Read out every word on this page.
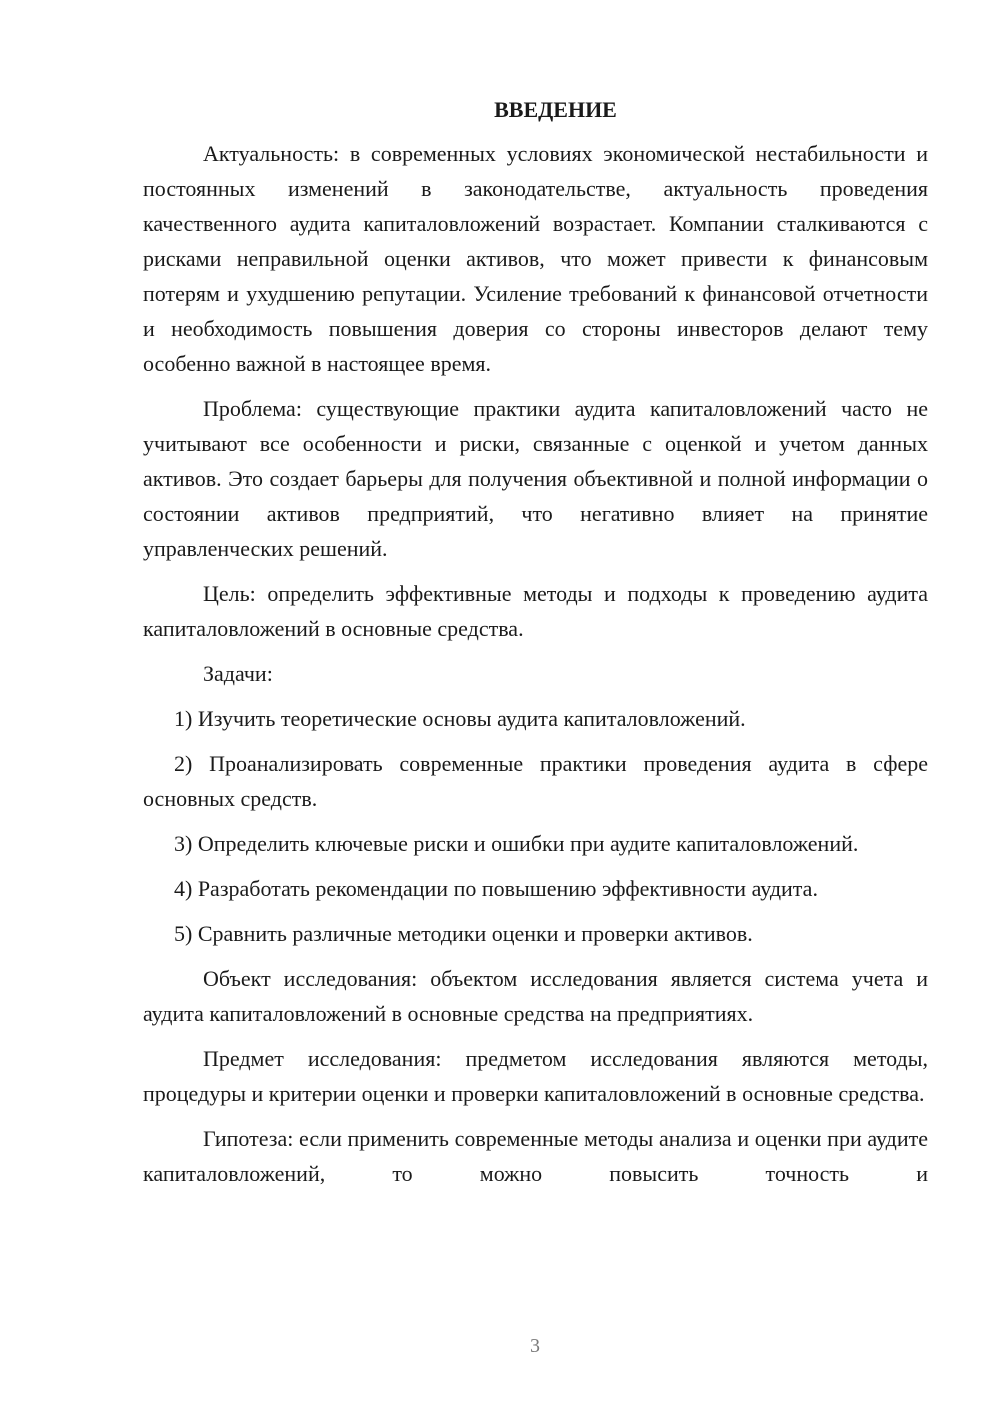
ВВЕДЕНИЕ

Актуальность: в современных условиях экономической нестабильности и постоянных изменений в законодательстве, актуальность проведения качественного аудита капиталовложений возрастает. Компании сталкиваются с рисками неправильной оценки активов, что может привести к финансовым потерям и ухудшению репутации. Усиление требований к финансовой отчетности и необходимость повышения доверия со стороны инвесторов делают тему особенно важной в настоящее время.

Проблема: существующие практики аудита капиталовложений часто не учитывают все особенности и риски, связанные с оценкой и учетом данных активов. Это создает барьеры для получения объективной и полной информации о состоянии активов предприятий, что негативно влияет на принятие управленческих решений.

Цель: определить эффективные методы и подходы к проведению аудита капиталовложений в основные средства.

Задачи:

1) Изучить теоретические основы аудита капиталовложений.

2) Проанализировать современные практики проведения аудита в сфере основных средств.

3) Определить ключевые риски и ошибки при аудите капиталовложений.

4) Разработать рекомендации по повышению эффективности аудита.

5) Сравнить различные методики оценки и проверки активов.

Объект исследования: объектом исследования является система учета и аудита капиталовложений в основные средства на предприятиях.

Предмет исследования: предметом исследования являются методы, процедуры и критерии оценки и проверки капиталовложений в основные средства.

Гипотеза: если применить современные методы анализа и оценки при аудите капиталовложений, то можно повысить точность и

3
